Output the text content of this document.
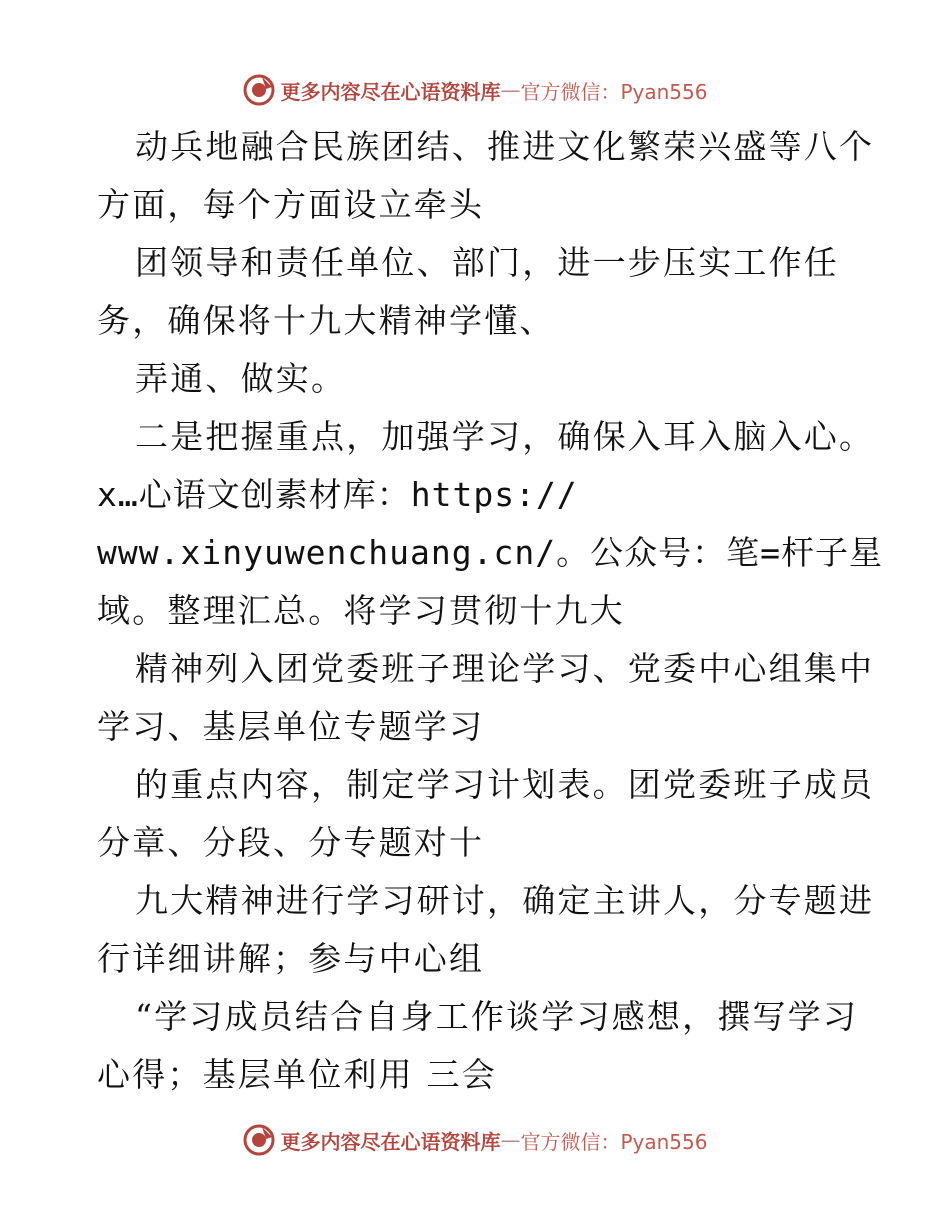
更多内容尽在心语资料库 — 官方微信：Pyan556
动兵地融合民族团结、推进文化繁荣兴盛等八个
方面，每个方面设立牵头
团领导和责任单位、部门，进一步压实工作任
务，确保将十九大精神学懂、
弄通、做实。
二是把握重点，加强学习，确保入耳入脑入心。
x…心语文创素材库：https://
www.xinyuwenchuang.cn/。公众号：笔=杆子星
域。整理汇总。将学习贯彻十九大
精神列入团党委班子理论学习、党委中心组集中
学习、基层单位专题学习
的重点内容，制定学习计划表。团党委班子成员
分章、分段、分专题对十
九大精神进行学习研讨，确定主讲人，分专题进
行详细讲解；参与中心组
“学习成员结合自身工作谈学习感想，撰写学习
心得；基层单位利用 三会
更多内容尽在心语资料库 — 官方微信：Pyan556
